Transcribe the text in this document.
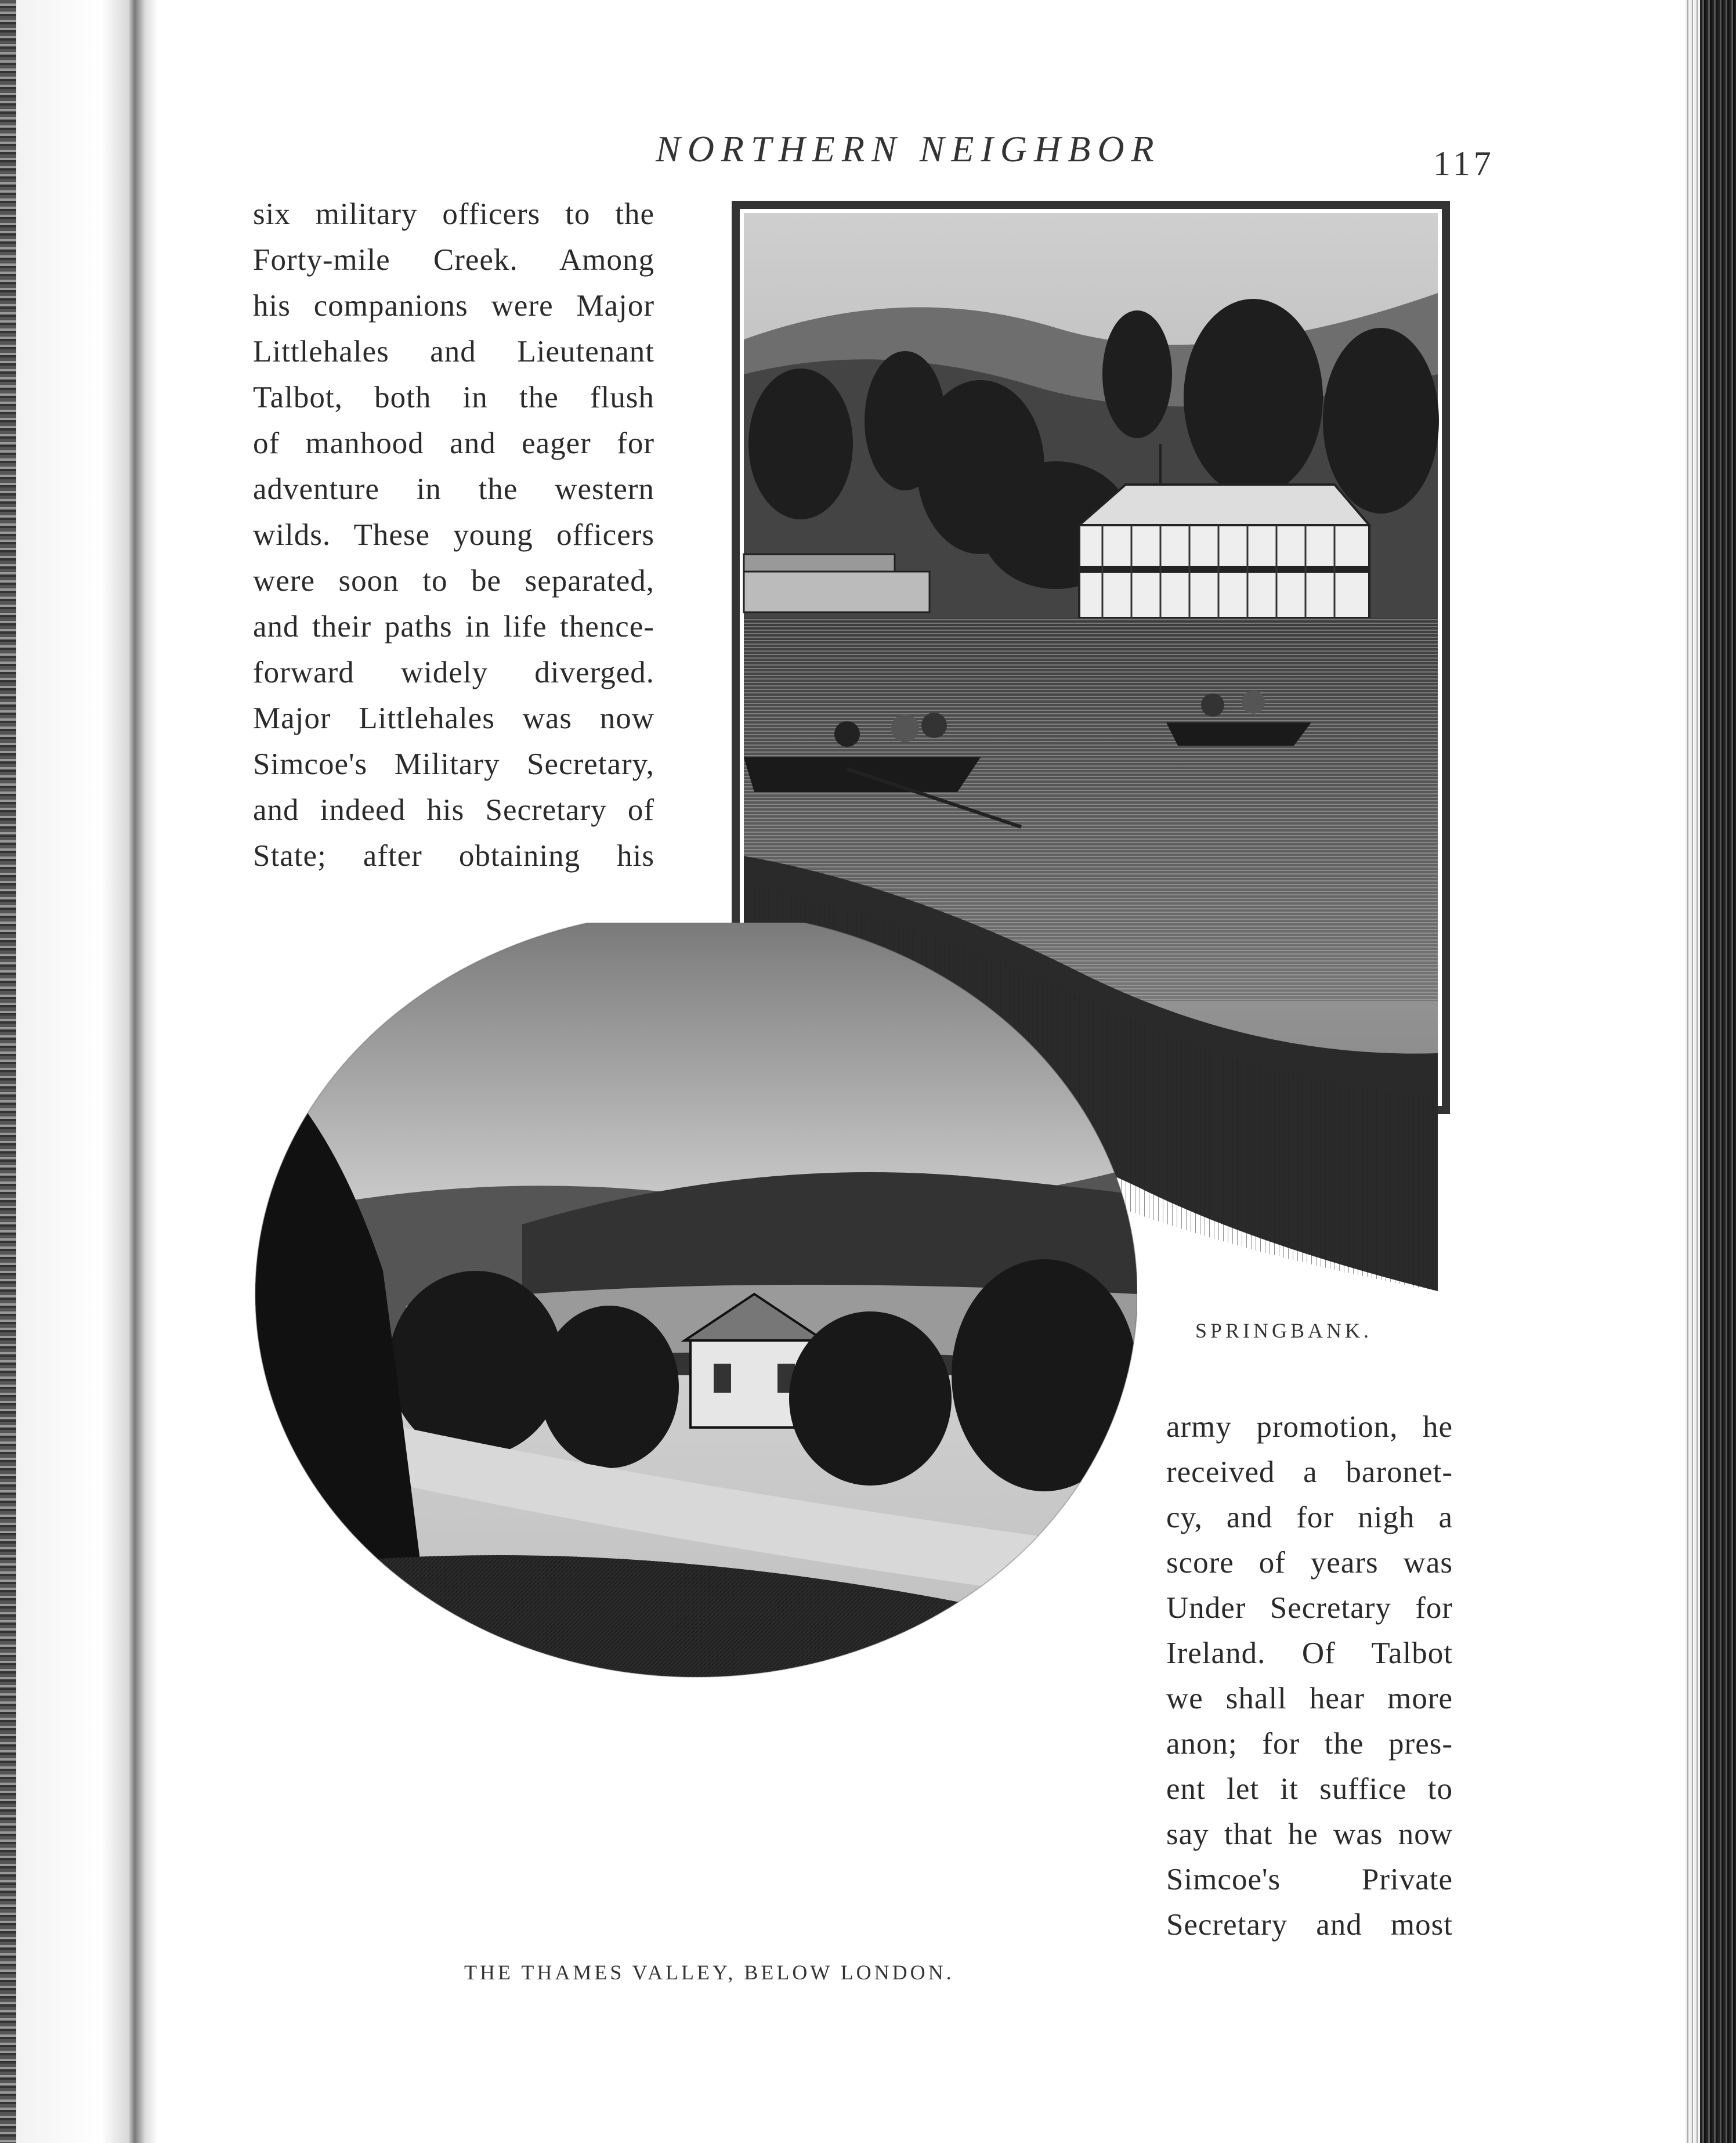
NORTHERN NEIGHBOR	117
six military officers to the
Forty-mile Creek. Among
his companions were Major
Littlehales and Lieutenant
Talbot, both in the flush
of manhood and eager for
adventure in the western
wilds. These young officers
were soon to be separated,
and their paths in life thence-
forward widely diverged.
Major Littlehales was now
Simcoe's Military Secretary,
and indeed his Secretary of
State; after obtaining his
SPRINGBANK.
THE THAMES VALLEY, BELOW LONDON.
army promotion, he
received a baronet-
cy, and for nigh a
score of years was
Under Secretary for
Ireland. Of Talbot
we shall hear more
anon; for the pres-
ent let it suffice to
say that he was now
Simcoe's Private
Secretary and most
